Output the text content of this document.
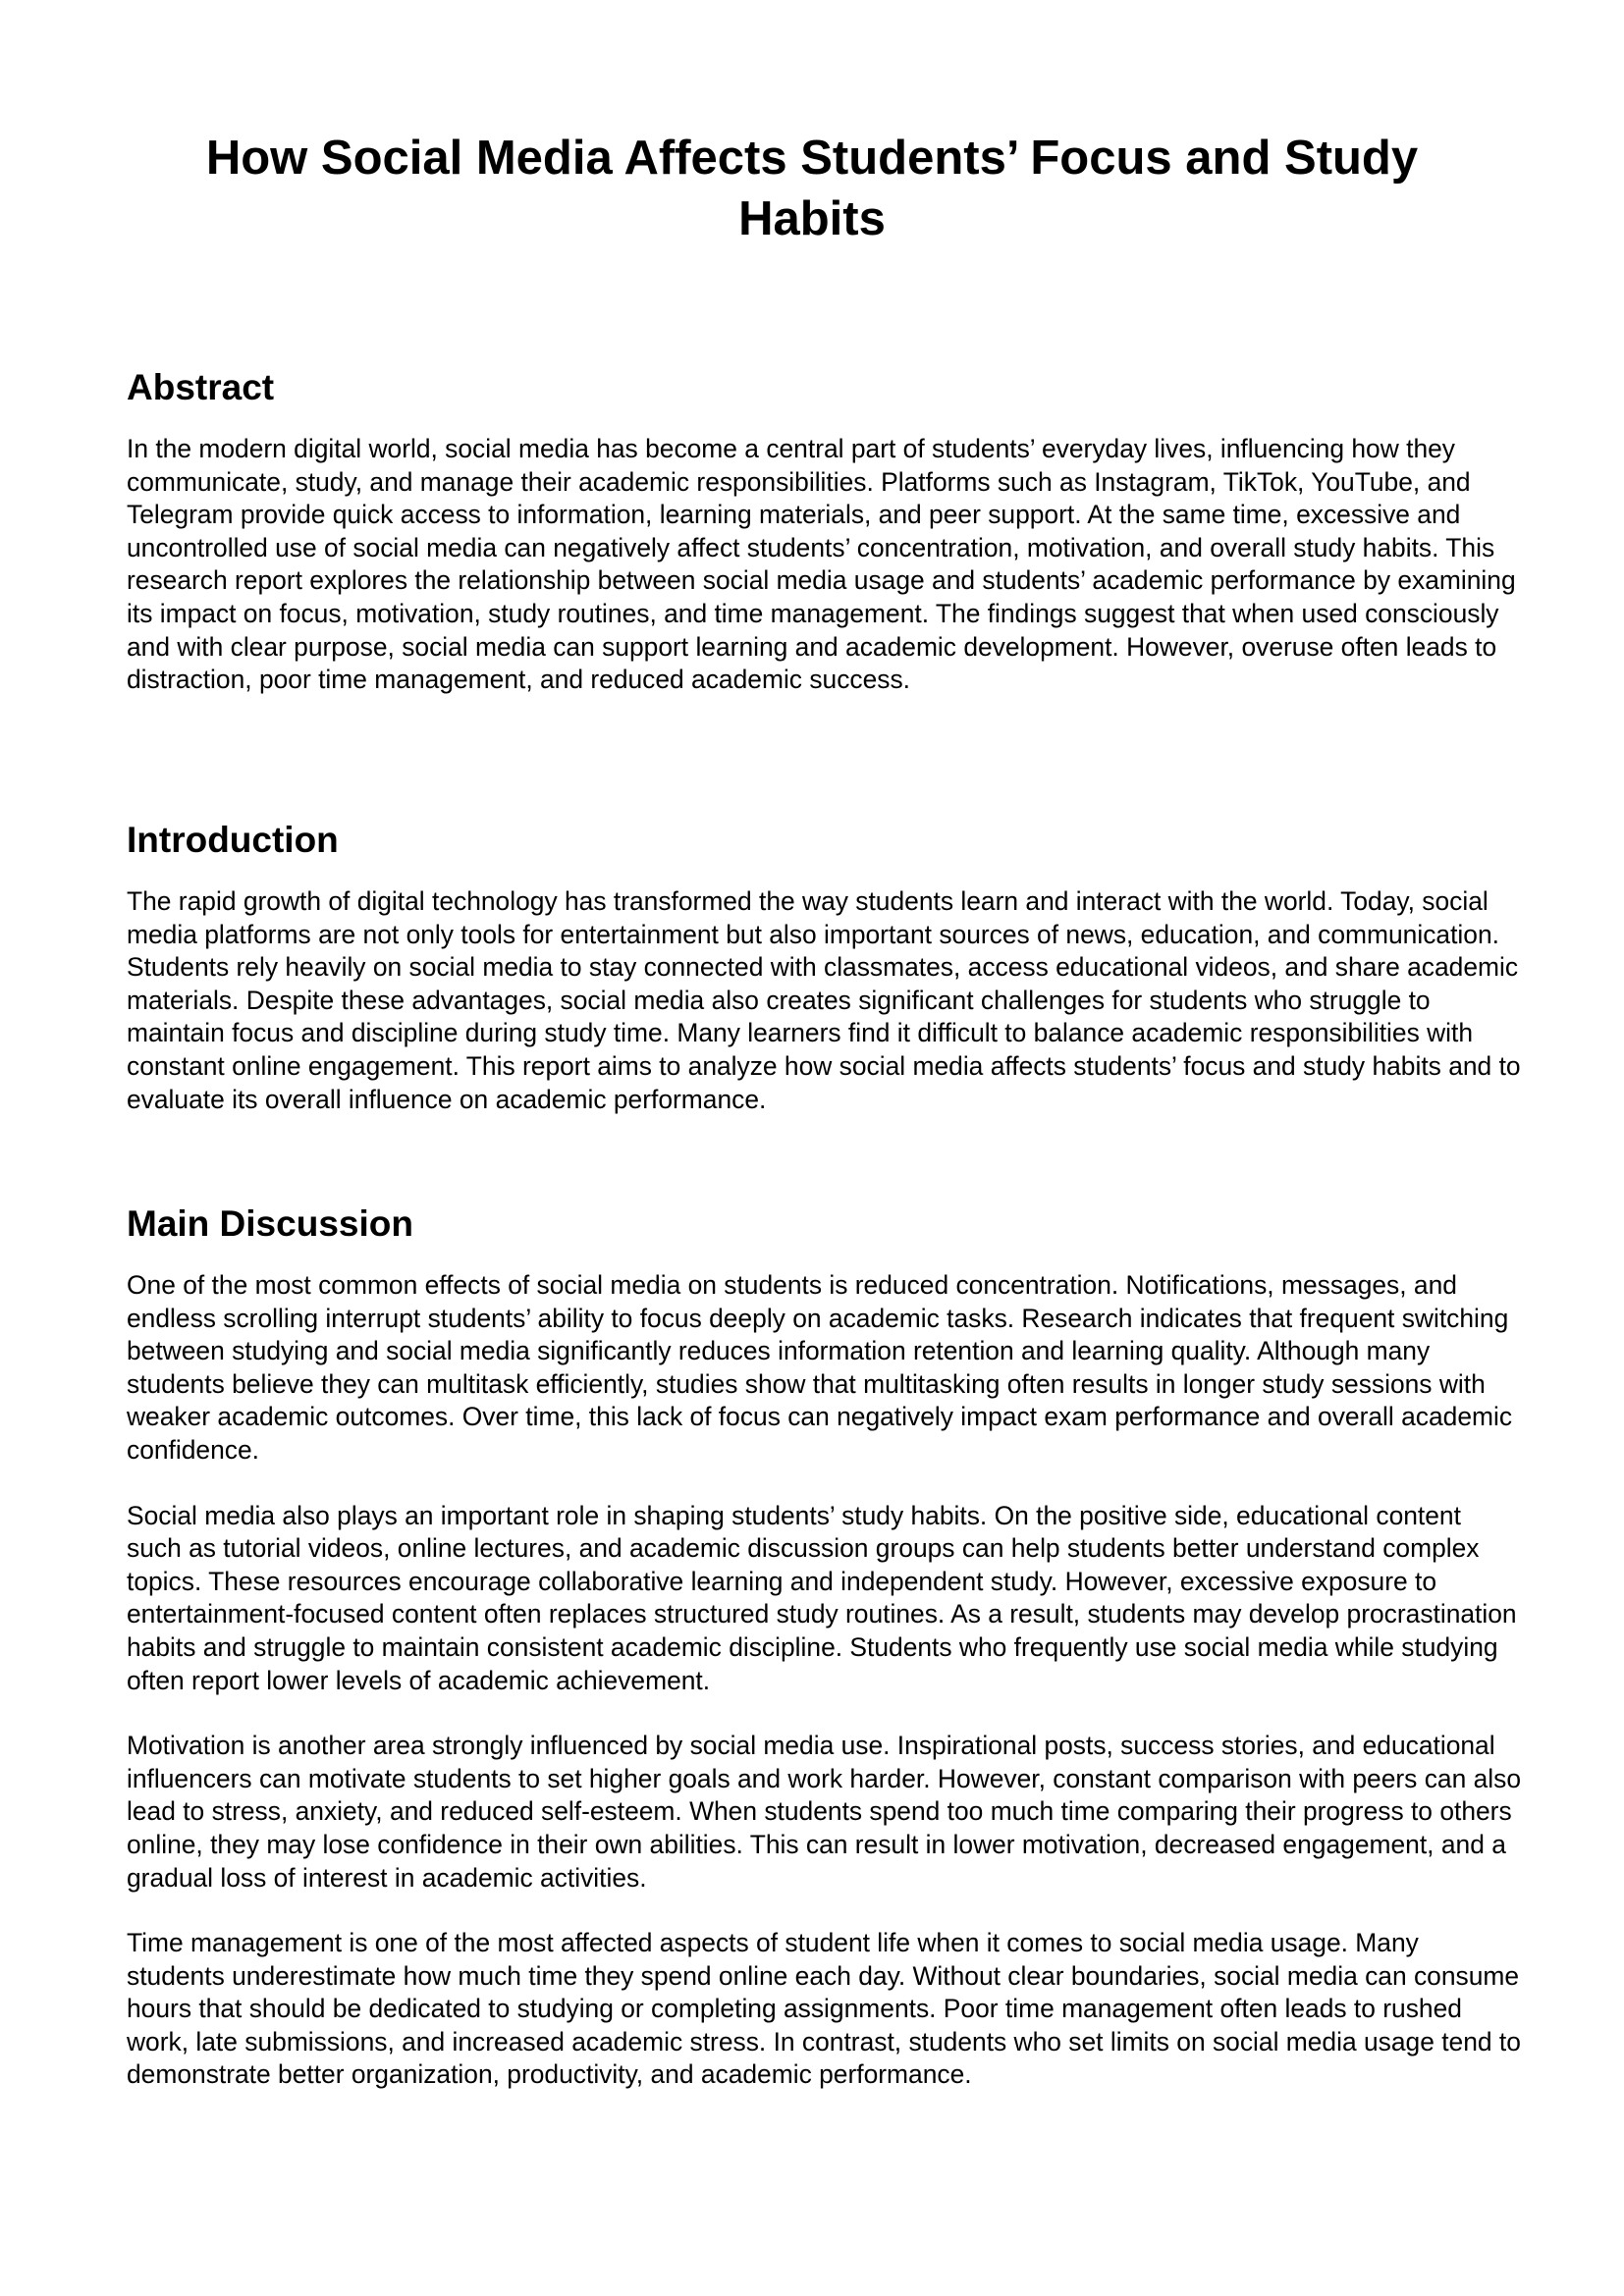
How Social Media Affects Students’ Focus and Study Habits
Abstract

In the modern digital world, social media has become a central part of students’ everyday lives, influencing how they communicate, study, and manage their academic responsibilities. Platforms such as Instagram, TikTok, YouTube, and Telegram provide quick access to information, learning materials, and peer support. At the same time, excessive and uncontrolled use of social media can negatively affect students’ concentration, motivation, and overall study habits. This research report explores the relationship between social media usage and students’ academic performance by examining its impact on focus, motivation, study routines, and time management. The findings suggest that when used consciously and with clear purpose, social media can support learning and academic development. However, overuse often leads to distraction, poor time management, and reduced academic success.

Introduction

The rapid growth of digital technology has transformed the way students learn and interact with the world. Today, social media platforms are not only tools for entertainment but also important sources of news, education, and communication. Students rely heavily on social media to stay connected with classmates, access educational videos, and share academic materials. Despite these advantages, social media also creates significant challenges for students who struggle to maintain focus and discipline during study time. Many learners find it difficult to balance academic responsibilities with constant online engagement. This report aims to analyze how social media affects students’ focus and study habits and to evaluate its overall influence on academic performance.

Main Discussion

One of the most common effects of social media on students is reduced concentration. Notifications, messages, and endless scrolling interrupt students’ ability to focus deeply on academic tasks. Research indicates that frequent switching between studying and social media significantly reduces information retention and learning quality. Although many students believe they can multitask efficiently, studies show that multitasking often results in longer study sessions with weaker academic outcomes. Over time, this lack of focus can negatively impact exam performance and overall academic confidence.

Social media also plays an important role in shaping students’ study habits. On the positive side, educational content such as tutorial videos, online lectures, and academic discussion groups can help students better understand complex topics. These resources encourage collaborative learning and independent study. However, excessive exposure to entertainment-focused content often replaces structured study routines. As a result, students may develop procrastination habits and struggle to maintain consistent academic discipline. Students who frequently use social media while studying often report lower levels of academic achievement.

Motivation is another area strongly influenced by social media use. Inspirational posts, success stories, and educational influencers can motivate students to set higher goals and work harder. However, constant comparison with peers can also lead to stress, anxiety, and reduced self-esteem. When students spend too much time comparing their progress to others online, they may lose confidence in their own abilities. This can result in lower motivation, decreased engagement, and a gradual loss of interest in academic activities.

Time management is one of the most affected aspects of student life when it comes to social media usage. Many students underestimate how much time they spend online each day. Without clear boundaries, social media can consume hours that should be dedicated to studying or completing assignments. Poor time management often leads to rushed work, late submissions, and increased academic stress. In contrast, students who set limits on social media usage tend to demonstrate better organization, productivity, and academic performance.
